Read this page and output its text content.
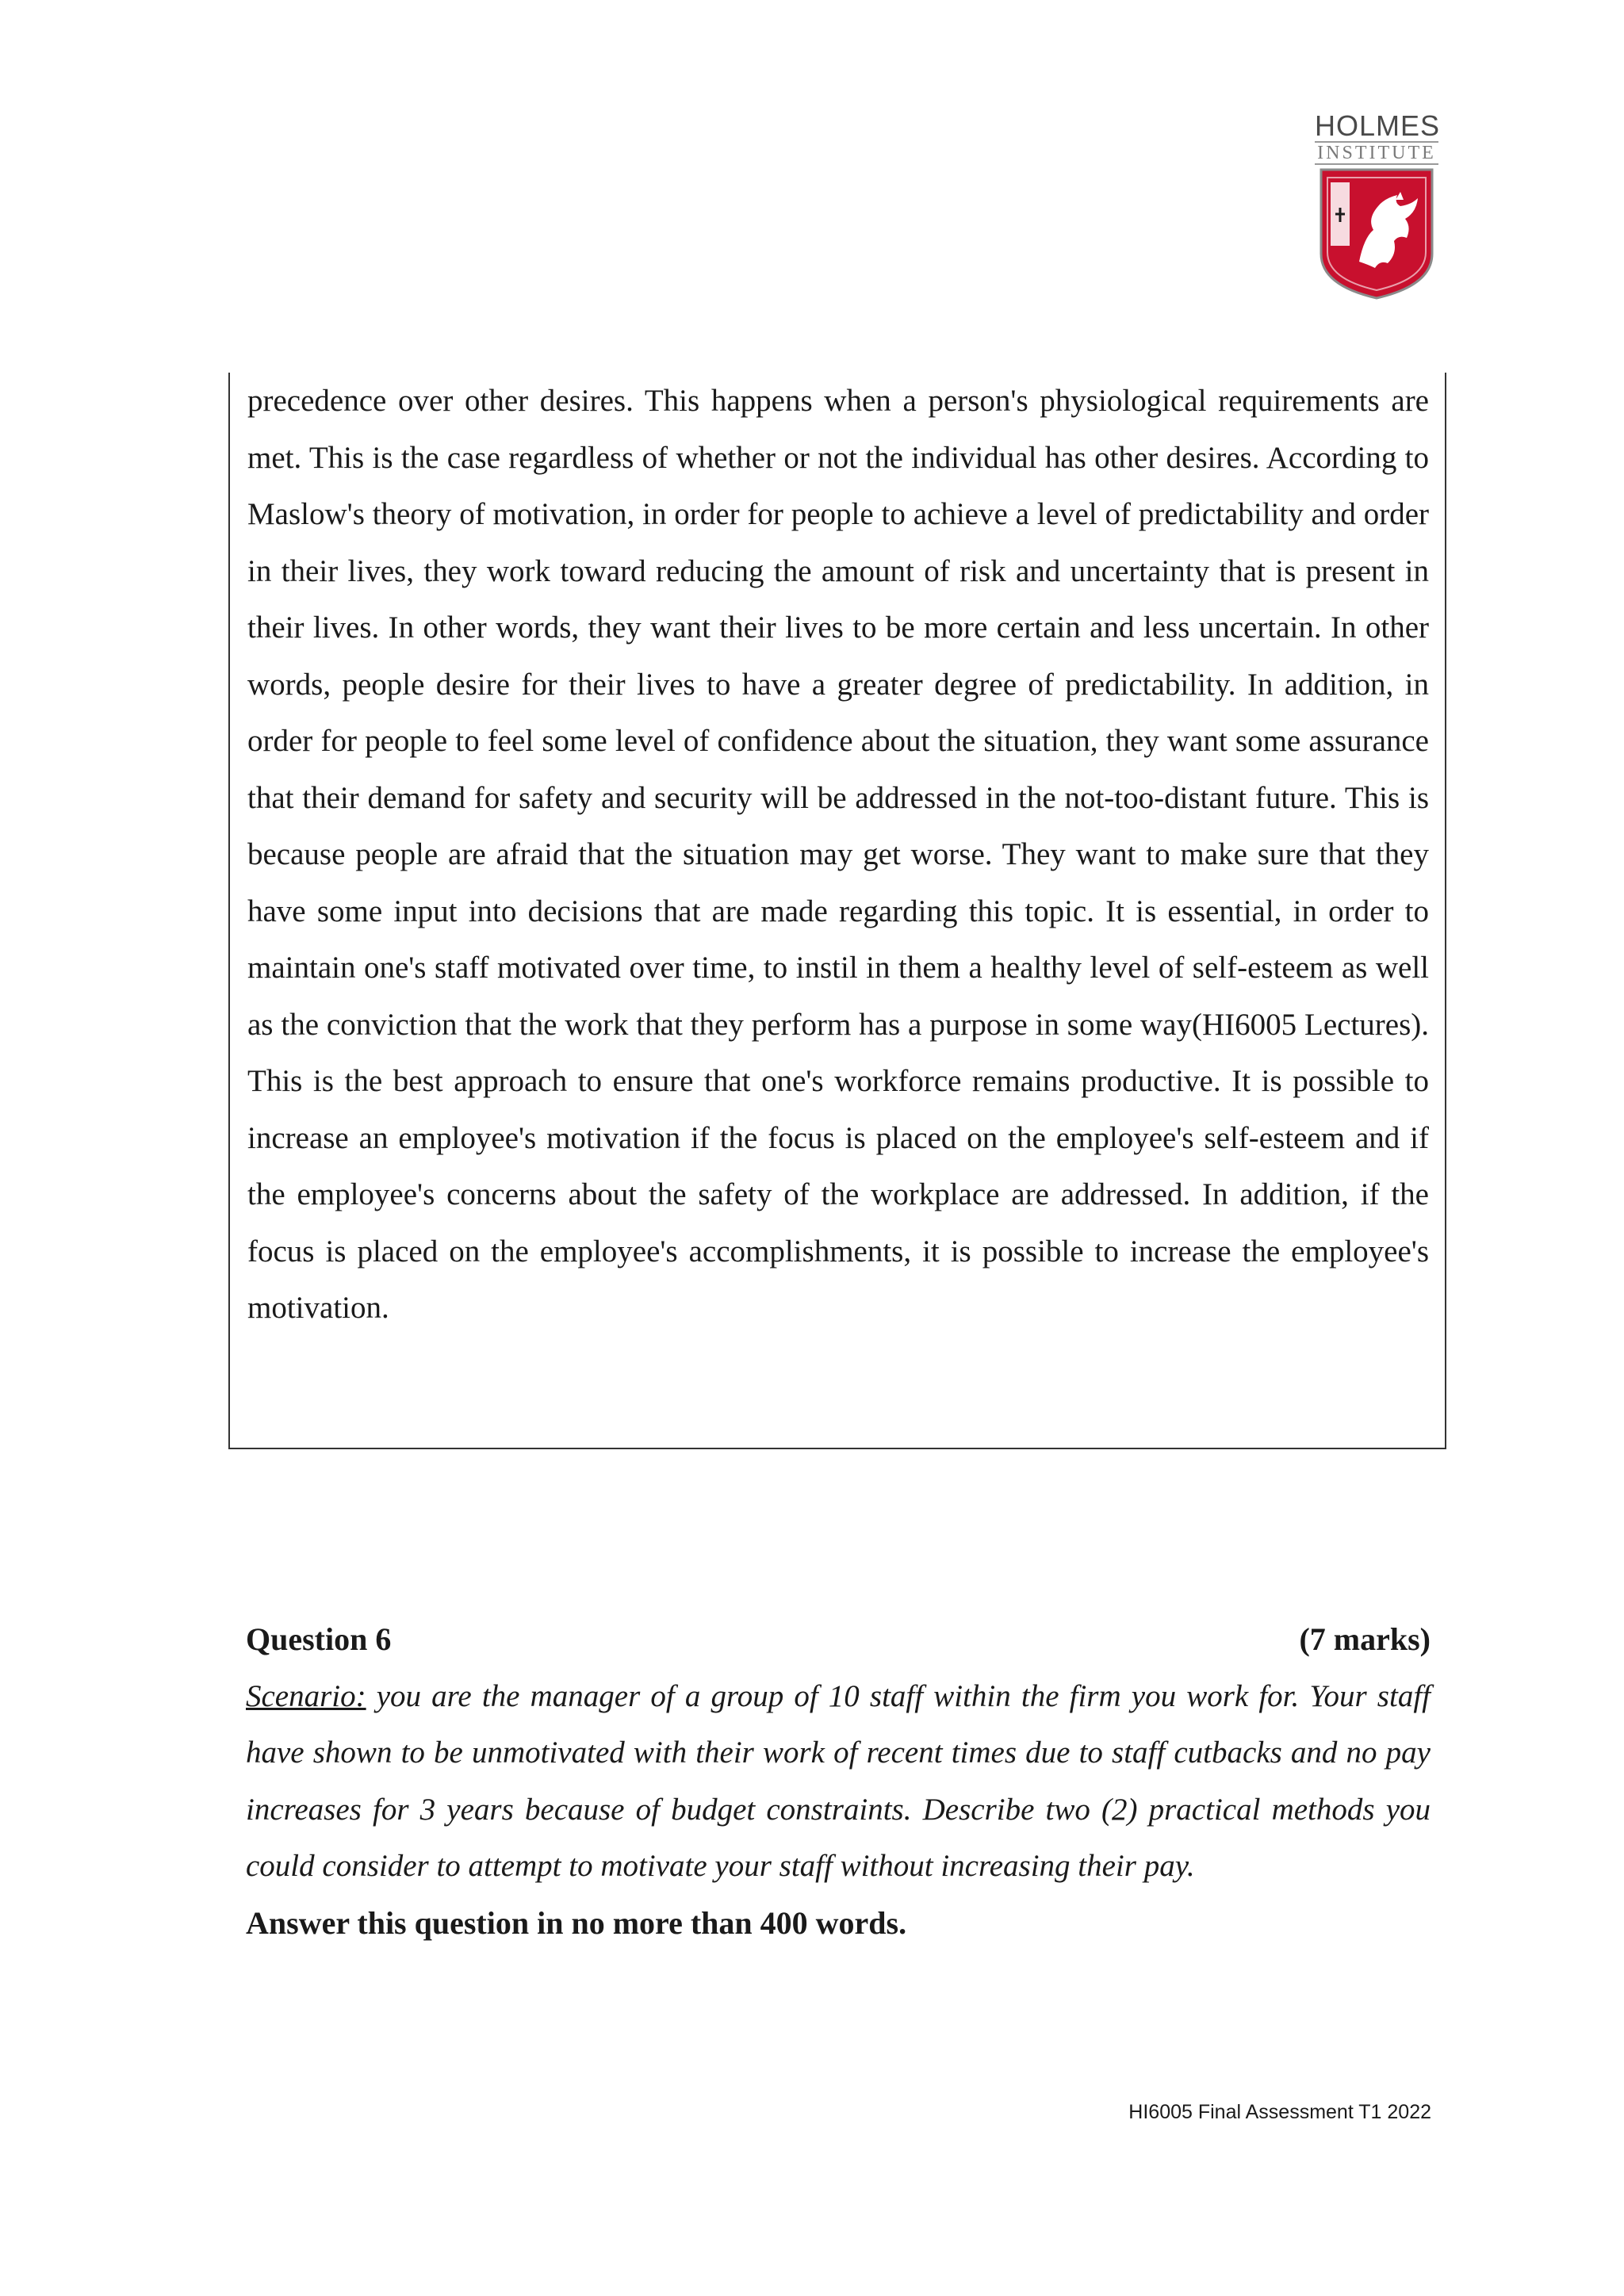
HOLMES
INSTITUTE

precedence over other desires. This happens when a person's physiological requirements are met. This is the case regardless of whether or not the individual has other desires. According to Maslow's theory of motivation, in order for people to achieve a level of predictability and order in their lives, they work toward reducing the amount of risk and uncertainty that is present in their lives. In other words, they want their lives to be more certain and less uncertain. In other words, people desire for their lives to have a greater degree of predictability. In addition, in order for people to feel some level of confidence about the situation, they want some assurance that their demand for safety and security will be addressed in the not-too-distant future. This is because people are afraid that the situation may get worse. They want to make sure that they have some input into decisions that are made regarding this topic. It is essential, in order to maintain one's staff motivated over time, to instil in them a healthy level of self-esteem as well as the conviction that the work that they perform has a purpose in some way(HI6005 Lectures). This is the best approach to ensure that one's workforce remains productive. It is possible to increase an employee's motivation if the focus is placed on the employee's self-esteem and if the employee's concerns about the safety of the workplace are addressed. In addition, if the focus is placed on the employee's accomplishments, it is possible to increase the employee's motivation.

Question 6	(7 marks)

Scenario: you are the manager of a group of 10 staff within the firm you work for. Your staff have shown to be unmotivated with their work of recent times due to staff cutbacks and no pay increases for 3 years because of budget constraints. Describe two (2) practical methods you could consider to attempt to motivate your staff without increasing their pay.

Answer this question in no more than 400 words.

HI6005 Final Assessment T1 2022
